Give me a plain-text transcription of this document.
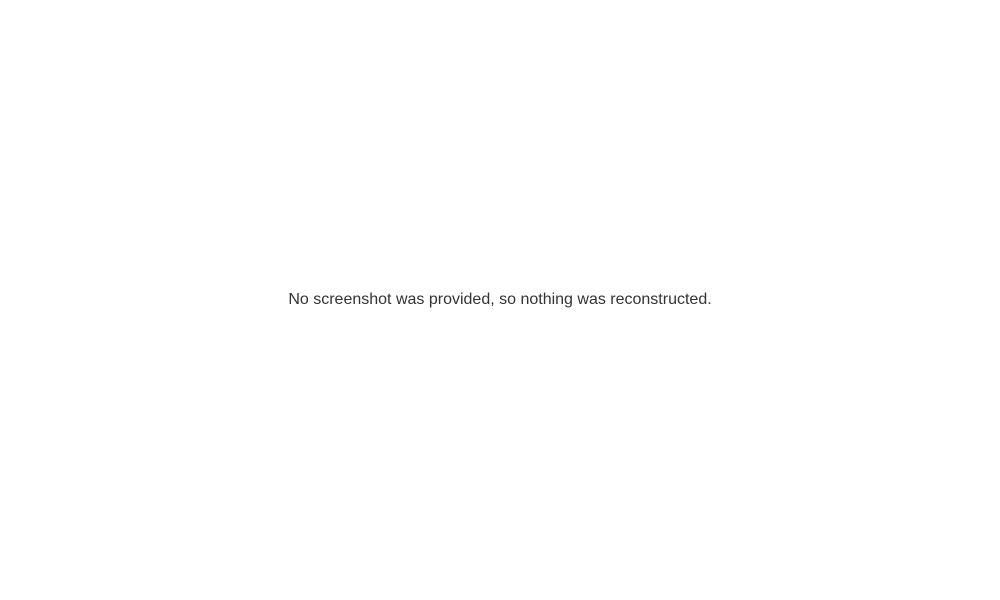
No screenshot was provided, so nothing was reconstructed.
